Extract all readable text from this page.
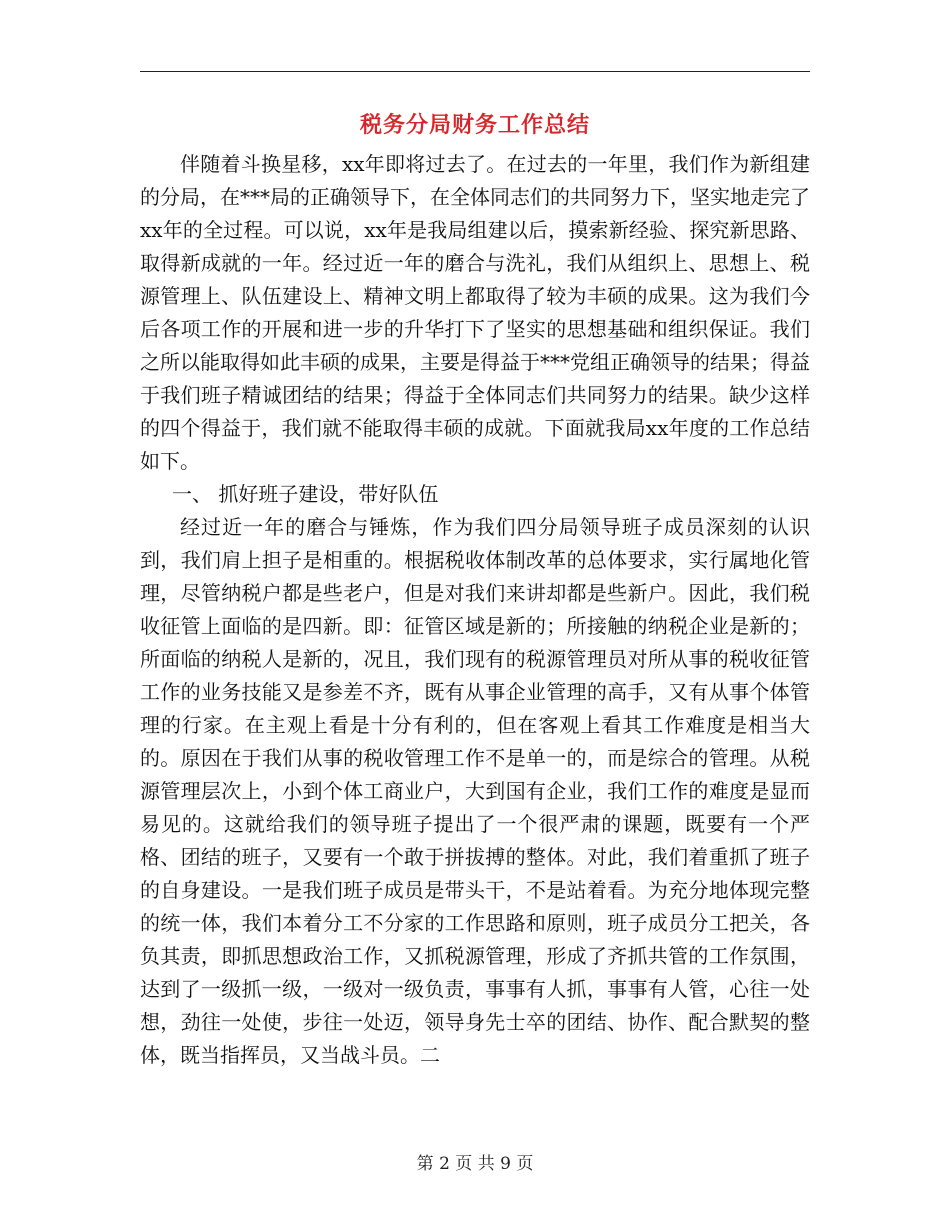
税务分局财务工作总结

伴随着斗换星移，xx年即将过去了。在过去的一年里，我们作为新组建的分局，在***局的正确领导下，在全体同志们的共同努力下，坚实地走完了xx年的全过程。可以说，xx年是我局组建以后，摸索新经验、探究新思路、取得新成就的一年。经过近一年的磨合与洗礼，我们从组织上、思想上、税源管理上、队伍建设上、精神文明上都取得了较为丰硕的成果。这为我们今后各项工作的开展和进一步的升华打下了坚实的思想基础和组织保证。我们之所以能取得如此丰硕的成果，主要是得益于***党组正确领导的结果；得益于我们班子精诚团结的结果；得益于全体同志们共同努力的结果。缺少这样的四个得益于，我们就不能取得丰硕的成就。下面就我局xx年度的工作总结如下。

一、 抓好班子建设，带好队伍

经过近一年的磨合与锤炼，作为我们四分局领导班子成员深刻的认识到，我们肩上担子是相重的。根据税收体制改革的总体要求，实行属地化管理，尽管纳税户都是些老户，但是对我们来讲却都是些新户。因此，我们税收征管上面临的是四新。即：征管区域是新的；所接触的纳税企业是新的；所面临的纳税人是新的，况且，我们现有的税源管理员对所从事的税收征管工作的业务技能又是参差不齐，既有从事企业管理的高手，又有从事个体管理的行家。在主观上看是十分有利的，但在客观上看其工作难度是相当大的。原因在于我们从事的税收管理工作不是单一的，而是综合的管理。从税源管理层次上，小到个体工商业户，大到国有企业，我们工作的难度是显而易见的。这就给我们的领导班子提出了一个很严肃的课题，既要有一个严格、团结的班子，又要有一个敢于拼拔搏的整体。对此，我们着重抓了班子的自身建设。一是我们班子成员是带头干，不是站着看。为充分地体现完整的统一体，我们本着分工不分家的工作思路和原则，班子成员分工把关，各负其责，即抓思想政治工作，又抓税源管理，形成了齐抓共管的工作氛围，达到了一级抓一级，一级对一级负责，事事有人抓，事事有人管，心往一处想，劲往一处使，步往一处迈，领导身先士卒的团结、协作、配合默契的整体，既当指挥员，又当战斗员。二

第 2 页 共 9 页
